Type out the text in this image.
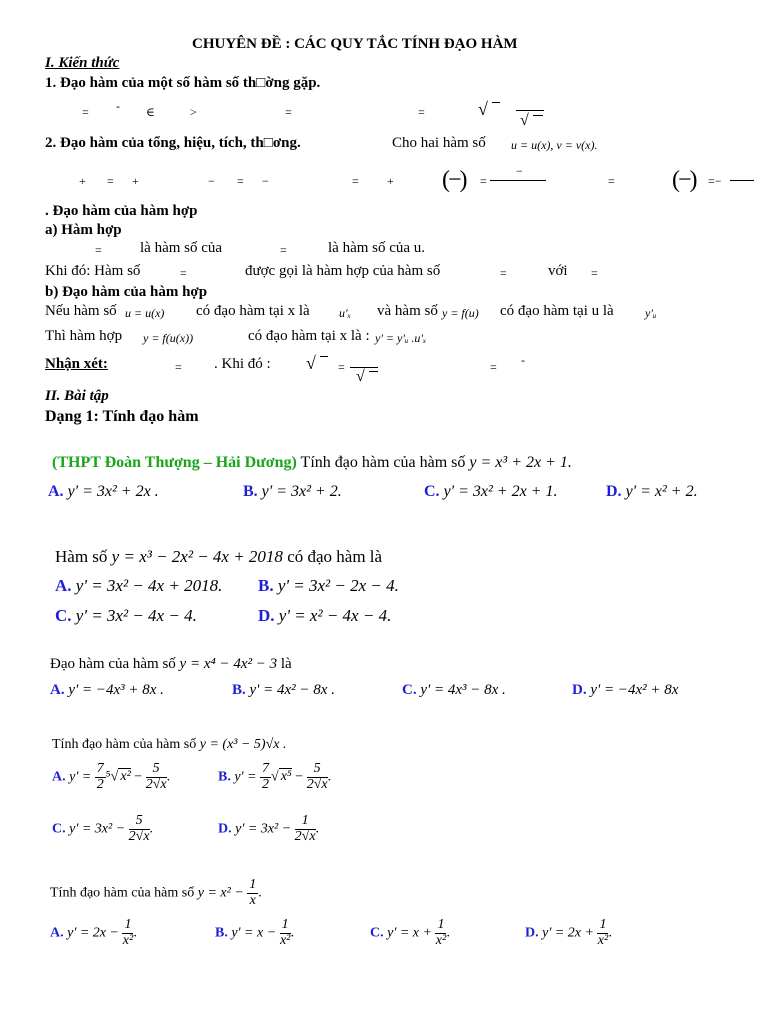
CHUYÊN ĐỀ : CÁC QUY TẮC TÍNH ĐẠO HÀM
I. Kiến thức
1. Đạo hàm của một số hàm số th□ờng gặp.
= - ∈	>	=	=	√
√
2. Đạo hàm của tổng, hiệu, tích, th□ơng.	Cho hai hàm số u = u(x), v = v(x).
+ = +	− = −	= + (−) =
−
= (−) =−
. Đạo hàm của hàm hợp
a) Hàm hợp
=	là hàm số của	=	là hàm số của u.
Khi đó: Hàm số	=	được gọi là hàm hợp của hàm số	=	với =
b) Đạo hàm của hàm hợp
Nếu hàm số u = u(x) có đạo hàm tại x là u'ₓ và hàm số y = f(u) có đạo hàm tại u là	y'ᵤ
Thì hàm hợp y = f(u(x))	có đạo hàm tại x là : y' = y'ᵤ .u'ₓ
Nhận xét:	= . Khi đó : √ =
√
= -
II. Bài tập
Dạng 1: Tính đạo hàm
(THPT Đoàn Thượng – Hải Dương) Tính đạo hàm của hàm số y = x³ + 2x + 1.
A. y' = 3x² + 2x .	B. y' = 3x² + 2.	C. y' = 3x² + 2x + 1.	D. y' = x² + 2.
Hàm số y = x³ − 2x² − 4x + 2018 có đạo hàm là
A. y' = 3x² − 4x + 2018. B. y' = 3x² − 2x − 4.
C. y' = 3x² − 4x − 4.	D. y' = x² − 4x − 4.
Đạo hàm của hàm số y = x⁴ − 4x² − 3 là
A. y' = −4x³ + 8x .	B. y' = 4x² − 8x .	C. y' = 4x³ − 8x .	D. y' = −4x² + 8x
Tính đạo hàm của hàm số y = (x³ − 5)√x .
A. $y' = \frac{7}{2} ^5√$ $x^2 - \frac{5}{2√x}$ .	B. $y' = \frac{7}{2}$ √ $x^5 - \frac{5}{2√x}$ .
C. $y' = 3x^2 - \frac{5}{2√x}$ .	D. $y' = 3x^2 - \frac{1}{2√x}$ .
Tính đạo hàm của hàm số $y = x^2 - \frac{1}{x}$ .
A. $y' = 2x - \frac{1}{\text{x²}}$ .	B. $y' = x - \frac{1}{\text{x²}}$ .	C. $y' = x + \frac{1}{\text{x²}}$ .	D. $y' = 2x + \frac{1}{\text{x²}}$ .
